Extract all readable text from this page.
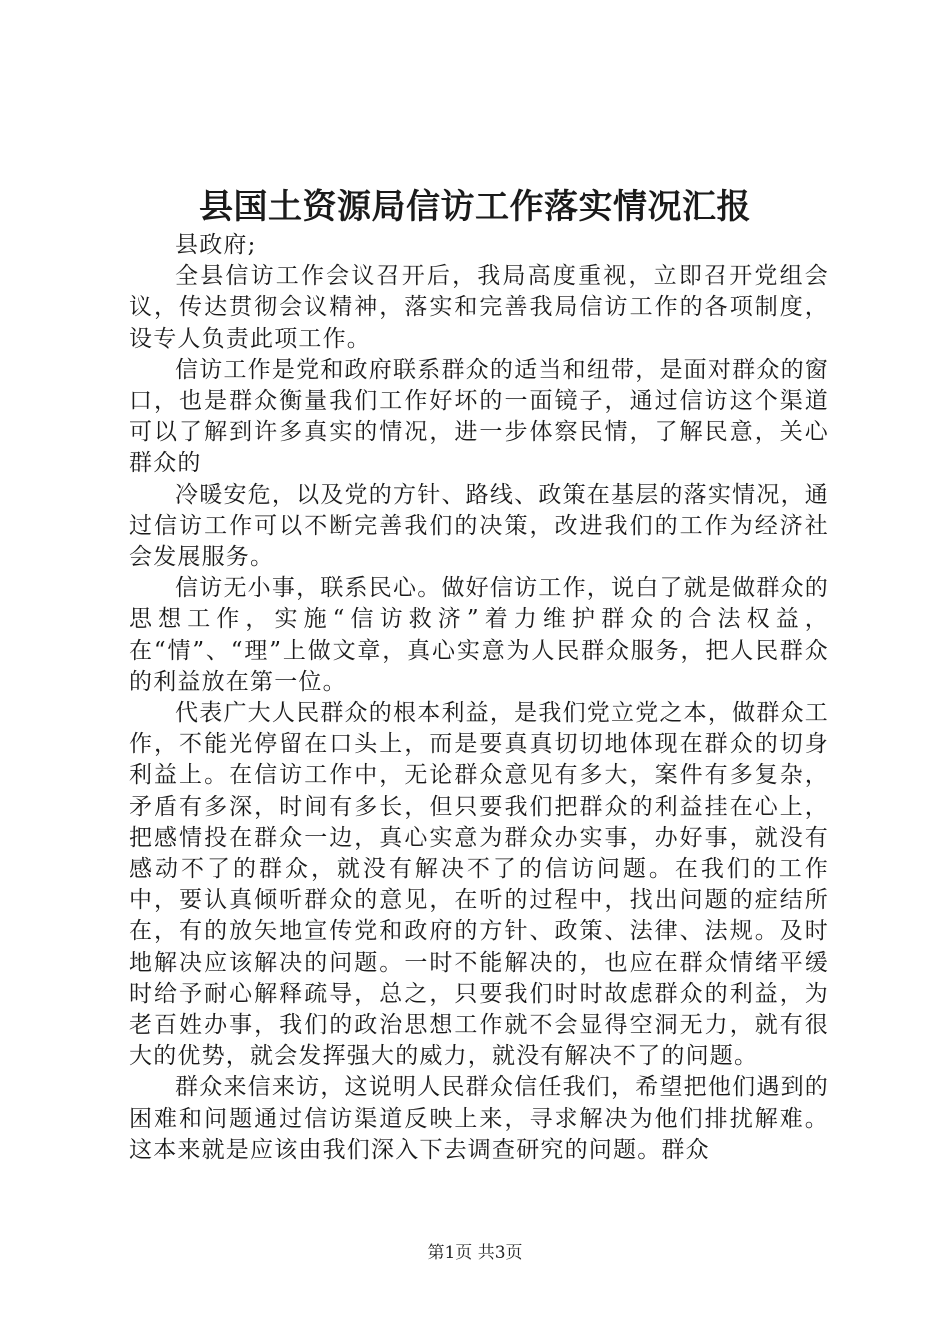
县国土资源局信访工作落实情况汇报

县政府;

全县信访工作会议召开后，我局高度重视，立即召开党组会议，传达贯彻会议精神，落实和完善我局信访工作的各项制度，设专人负责此项工作。

信访工作是党和政府联系群众的适当和纽带，是面对群众的窗口，也是群众衡量我们工作好坏的一面镜子，通过信访这个渠道可以了解到许多真实的情况，进一步体察民情，了解民意，关心群众的

冷暖安危，以及党的方针、路线、政策在基层的落实情况，通过信访工作可以不断完善我们的决策，改进我们的工作为经济社会发展服务。

信访无小事，联系民心。做好信访工作，说白了就是做群众的思想工作，实施“信访救济”着力维护群众的合法权益，在“情”、“理”上做文章，真心实意为人民群众服务，把人民群众的利益放在第一位。

代表广大人民群众的根本利益，是我们党立党之本，做群众工作，不能光停留在口头上，而是要真真切切地体现在群众的切身利益上。在信访工作中，无论群众意见有多大，案件有多复杂，矛盾有多深，时间有多长，但只要我们把群众的利益挂在心上，把感情投在群众一边，真心实意为群众办实事，办好事，就没有感动不了的群众，就没有解决不了的信访问题。在我们的工作中，要认真倾听群众的意见，在听的过程中，找出问题的症结所在，有的放矢地宣传党和政府的方针、政策、法律、法规。及时地解决应该解决的问题。一时不能解决的，也应在群众情绪平缓时给予耐心解释疏导，总之，只要我们时时故虑群众的利益，为老百姓办事，我们的政治思想工作就不会显得空洞无力，就有很大的优势，就会发挥强大的威力，就没有解决不了的问题。

群众来信来访，这说明人民群众信任我们，希望把他们遇到的困难和问题通过信访渠道反映上来，寻求解决为他们排扰解难。这本来就是应该由我们深入下去调查研究的问题。群众

第1页 共3页
